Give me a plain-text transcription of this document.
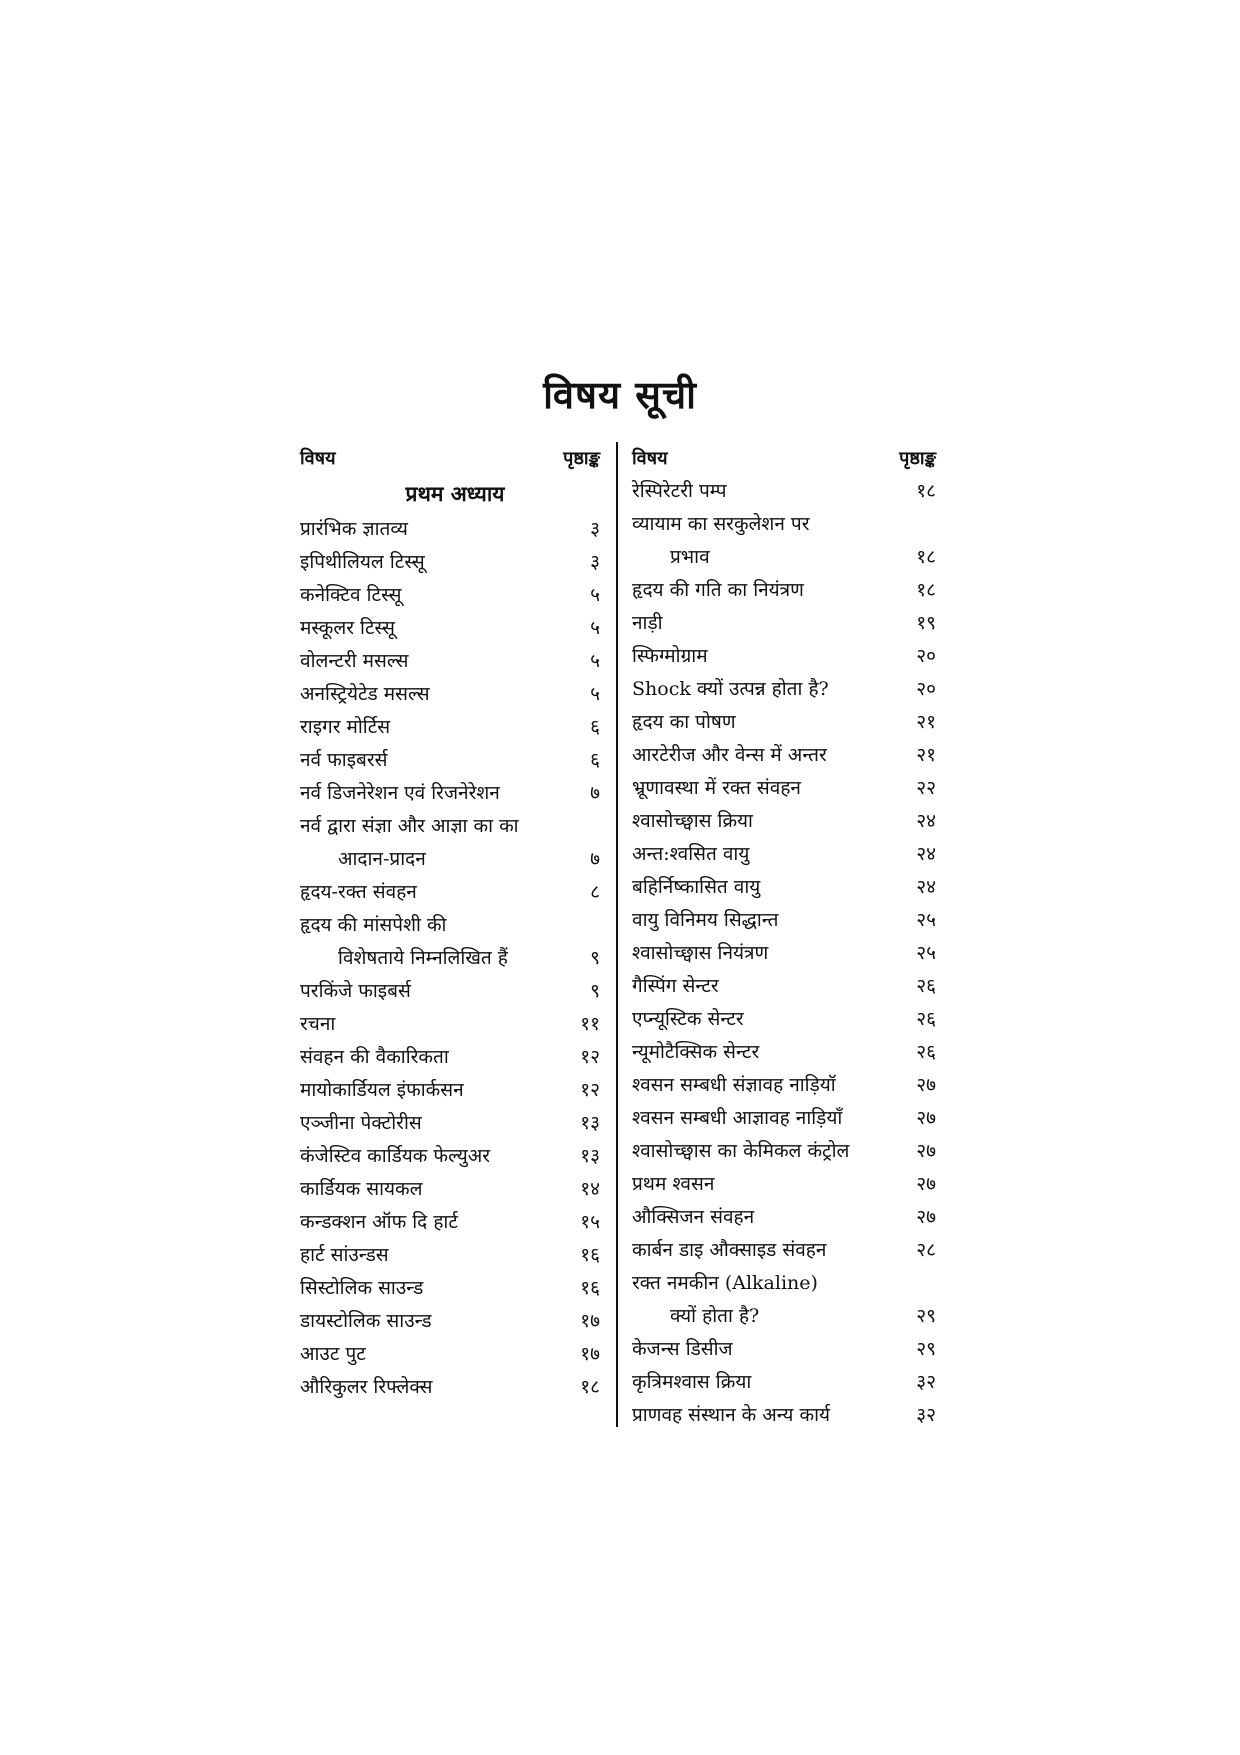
विषय सूची
विषय	पृष्ठाङ्क
प्रथम अध्याय
प्रारंभिक ज्ञातव्य	३
इपिथीलियल टिस्सू	३
कनेक्टिव टिस्सू	५
मस्कूलर टिस्सू	५
वोलन्टरी मसल्स	५
अनस्ट्रियेटेड मसल्स	५
राइगर मोर्टिस	६
नर्व फाइबरर्स	६
नर्व डिजनेरेशन एवं रिजनेरेशन	७
नर्व द्वारा संज्ञा और आज्ञा का का
आदान-प्रादन	७
हृदय-रक्त संवहन	८
हृदय की मांसपेशी की
विशेषताये निम्नलिखित हैं	९
परकिंजे फाइबर्स	९
रचना	११
संवहन की वैकारिकता	१२
मायोकार्डियल इंफार्कसन	१२
एञ्जीना पेक्टोरीस	१३
कंजेस्टिव कार्डियक फेल्युअर	१३
कार्डियक सायकल	१४
कन्डक्शन ऑफ दि हार्ट	१५
हार्ट सांउन्डस	१६
सिस्टोलिक साउन्ड	१६
डायस्टोलिक साउन्ड	१७
आउट पुट	१७
औरिकुलर रिफ्लेक्स	१८
विषय	पृष्ठाङ्क
रेस्पिरेटरी पम्प	१८
व्यायाम का सरकुलेशन पर
प्रभाव	१८
हृदय की गति का नियंत्रण	१८
नाड़ी	१९
स्फिग्मोग्राम	२०
Shock क्यों उत्पन्न होता है?	२०
हृदय का पोषण	२१
आरटेरीज और वेन्स में अन्तर	२१
भ्रूणावस्था में रक्त संवहन	२२
श्वासोच्छ्वास क्रिया	२४
अन्त:श्वसित वायु	२४
बहिर्निष्कासित वायु	२४
वायु विनिमय सिद्धान्त	२५
श्वासोच्छ्वास नियंत्रण	२५
गैस्पिंग सेन्टर	२६
एप्न्यूस्टिक सेन्टर	२६
न्यूमोटैक्सिक सेन्टर	२६
श्वसन सम्बधी संज्ञावह नाड़ियॉ	२७
श्वसन सम्बधी आज्ञावह नाड़ियाँ	२७
श्वासोच्छ्वास का केमिकल कंट्रोल	२७
प्रथम श्वसन	२७
औक्सिजन संवहन	२७
कार्बन डाइ औक्साइड संवहन	२८
रक्त नमकीन (Alkaline)
क्यों होता है?	२९
केजन्स डिसीज	२९
कृत्रिमश्वास क्रिया	३२
प्राणवह संस्थान के अन्य कार्य	३२
